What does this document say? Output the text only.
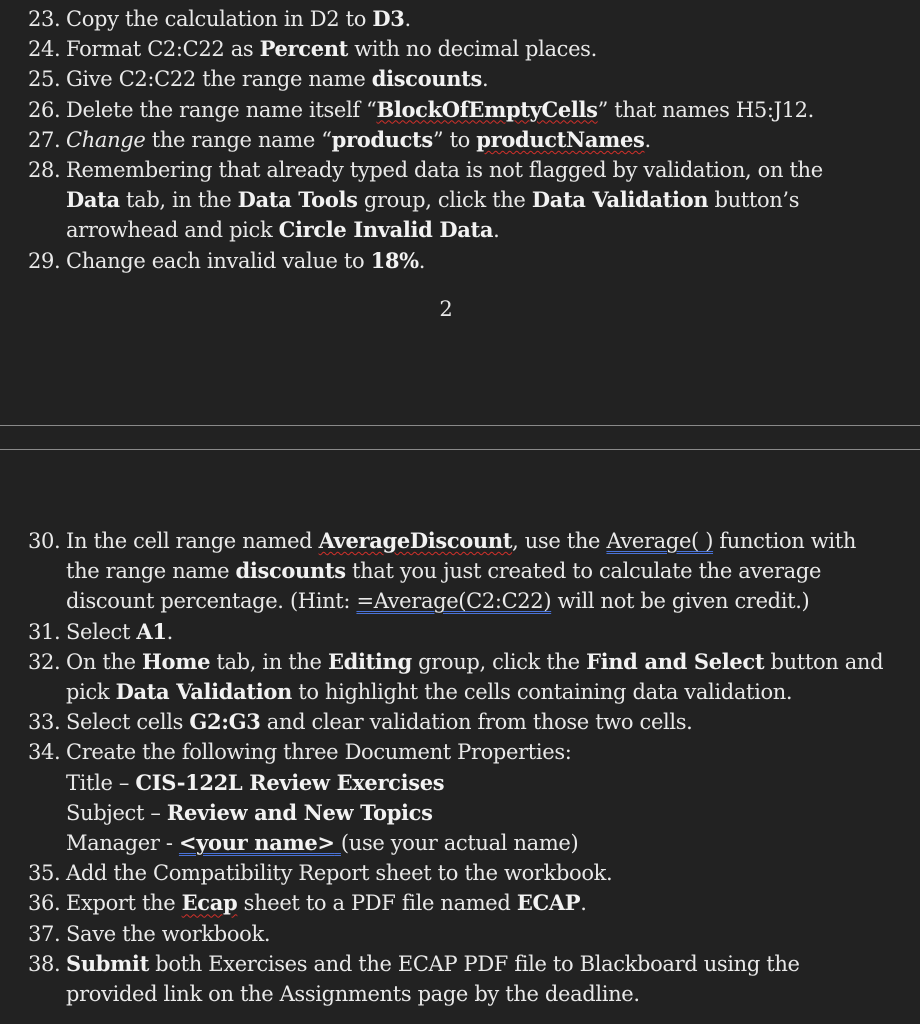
23. Copy the calculation in D2 to D3.
24. Format C2:C22 as Percent with no decimal places.
25. Give C2:C22 the range name discounts.
26. Delete the range name itself “BlockOfEmptyCells” that names H5:J12.
27. Change the range name “products” to productNames.
28. Remembering that already typed data is not flagged by validation, on the
Data tab, in the Data Tools group, click the Data Validation button’s
arrowhead and pick Circle Invalid Data.
29. Change each invalid value to 18%.
2
30. In the cell range named AverageDiscount, use the Average( ) function with
the range name discounts that you just created to calculate the average
discount percentage. (Hint: =Average(C2:C22) will not be given credit.)
31. Select A1.
32. On the Home tab, in the Editing group, click the Find and Select button and
pick Data Validation to highlight the cells containing data validation.
33. Select cells G2:G3 and clear validation from those two cells.
34. Create the following three Document Properties:
Title – CIS-122L Review Exercises
Subject – Review and New Topics
Manager - <your name> (use your actual name)
35. Add the Compatibility Report sheet to the workbook.
36. Export the Ecap sheet to a PDF file named ECAP.
37. Save the workbook.
38. Submit both Exercises and the ECAP PDF file to Blackboard using the
provided link on the Assignments page by the deadline.
